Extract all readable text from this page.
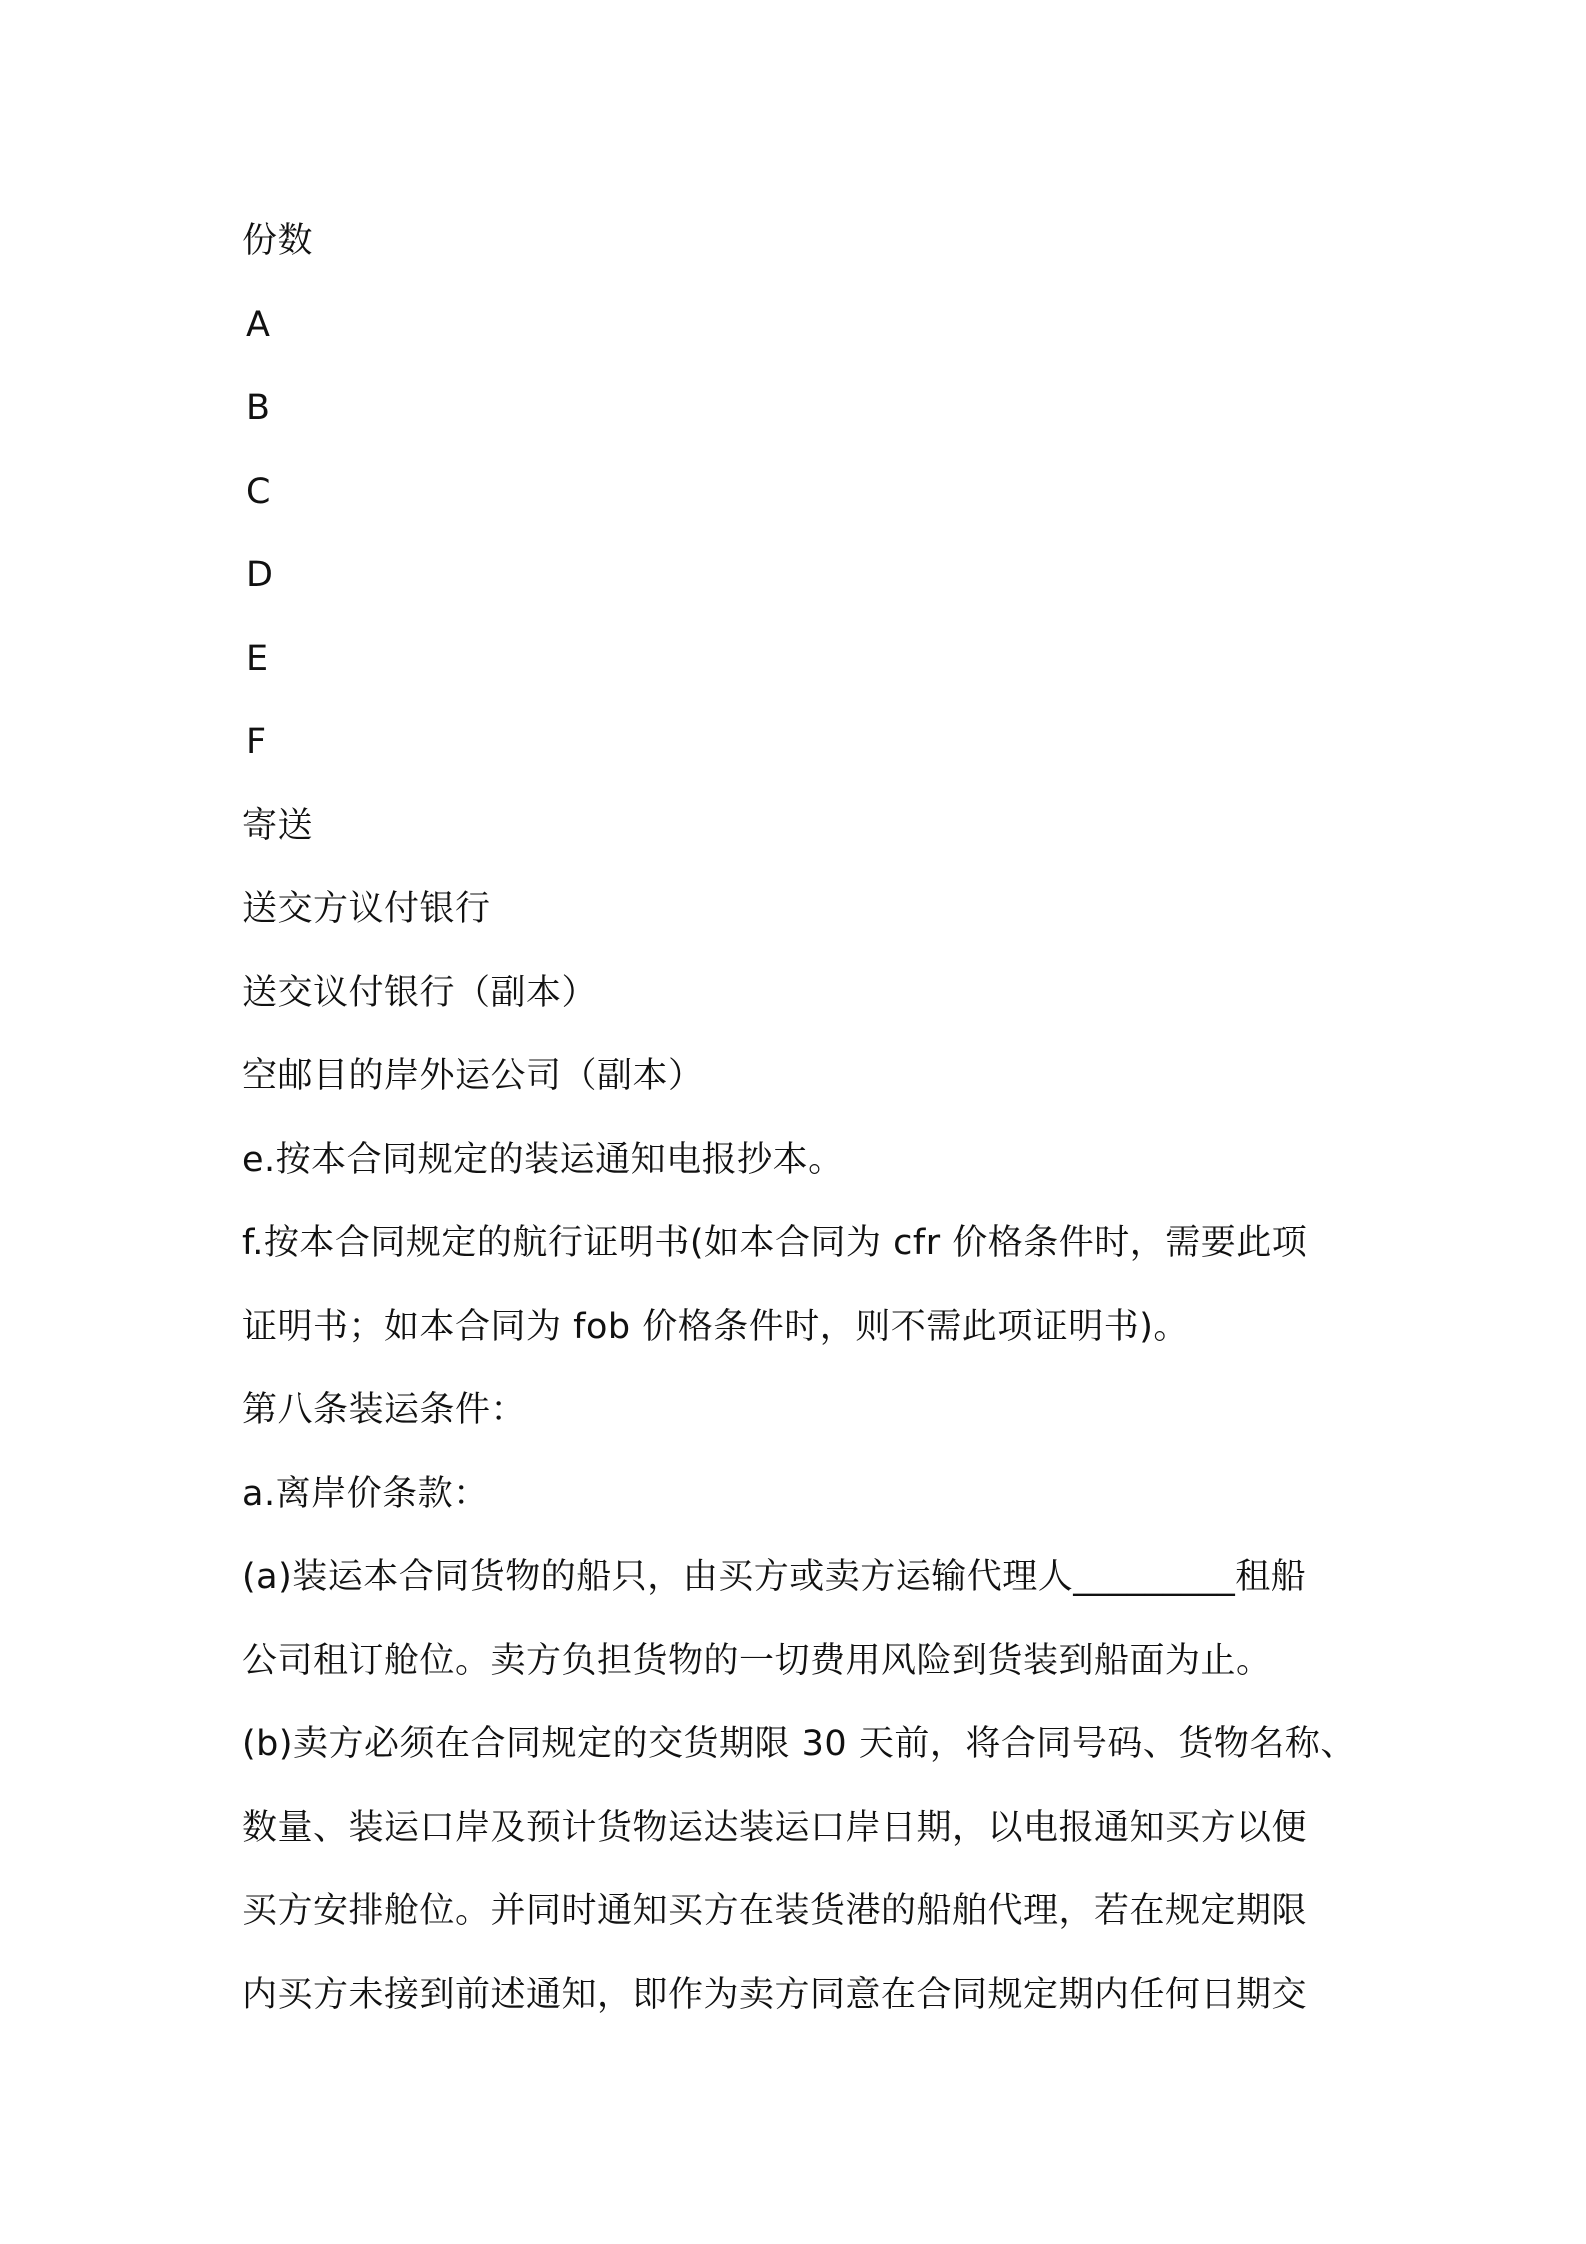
份数
A
B
C
D
E
F
寄送
送交方议付银行
送交议付银行（副本）
空邮目的岸外运公司（副本）
e.按本合同规定的装运通知电报抄本。
f.按本合同规定的航行证明书(如本合同为 cfr 价格条件时，需要此项
证明书；如本合同为 fob 价格条件时，则不需此项证明书)。
第八条装运条件：
a.离岸价条款：
(a)装运本合同货物的船只，由买方或卖方运输代理人_________租船
公司租订舱位。卖方负担货物的一切费用风险到货装到船面为止。
(b)卖方必须在合同规定的交货期限 30 天前，将合同号码、货物名称、
数量、装运口岸及预计货物运达装运口岸日期，以电报通知买方以便
买方安排舱位。并同时通知买方在装货港的船舶代理，若在规定期限
内买方未接到前述通知，即作为卖方同意在合同规定期内任何日期交
